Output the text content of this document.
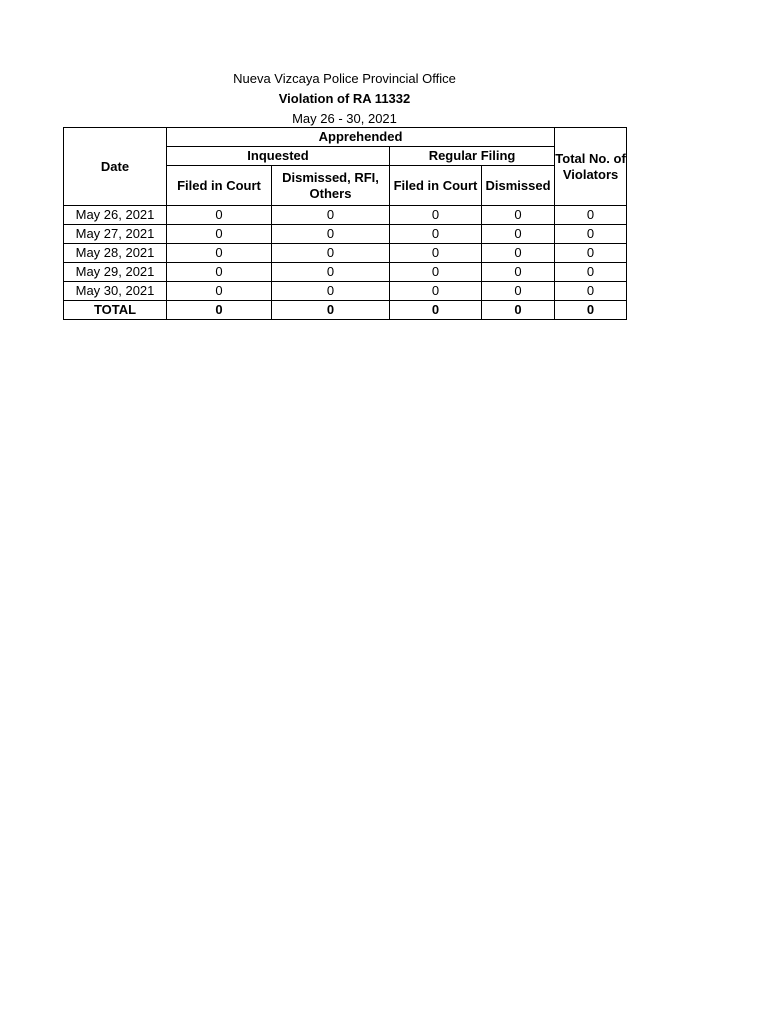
Nueva Vizcaya Police Provincial Office
Violation of RA 11332
May 26 - 30, 2021
Date	Apprehended				Total No. of Violators
	Inquested		Regular Filing		
	Filed in Court	Dismissed, RFI, Others	Filed in Court	Dismissed	
May 26, 2021	0	0	0	0	0
May 27, 2021	0	0	0	0	0
May 28, 2021	0	0	0	0	0
May 29, 2021	0	0	0	0	0
May 30, 2021	0	0	0	0	0
TOTAL	0	0	0	0	0
